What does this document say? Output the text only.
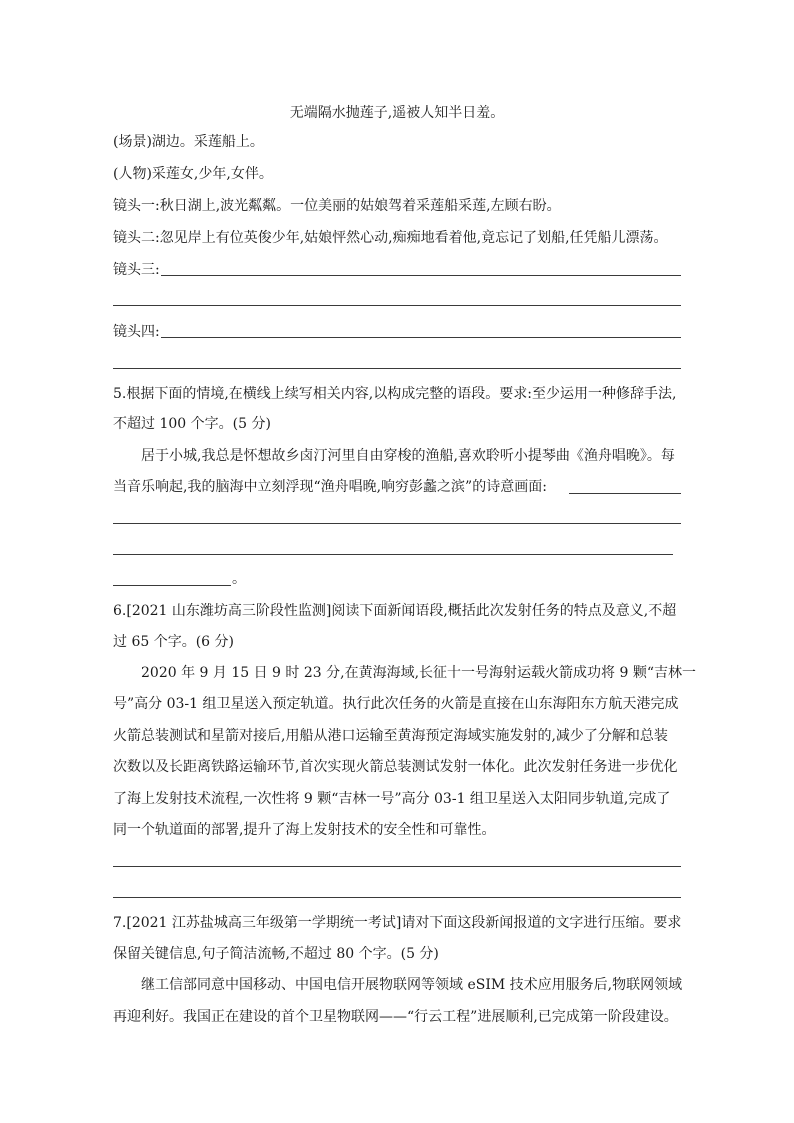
无端隔水抛莲子,遥被人知半日羞。
(场景)湖边。采莲船上。
(人物)采莲女,少年,女伴。
镜头一:秋日湖上,波光粼粼。一位美丽的姑娘驾着采莲船采莲,左顾右盼。
镜头二:忽见岸上有位英俊少年,姑娘怦然心动,痴痴地看着他,竟忘记了划船,任凭船儿漂荡。
镜头三:
镜头四:
5.根据下面的情境,在横线上续写相关内容,以构成完整的语段。要求:至少运用一种修辞手法,
不超过 100 个字。(5 分)
居于小城,我总是怀想故乡卤汀河里自由穿梭的渔船,喜欢聆听小提琴曲《渔舟唱晚》。每
当音乐响起,我的脑海中立刻浮现“渔舟唱晚,响穷彭蠡之滨”的诗意画面:
。
6.[2021 山东潍坊高三阶段性监测]阅读下面新闻语段,概括此次发射任务的特点及意义,不超
过 65 个字。(6 分)
2020 年 9 月 15 日 9 时 23 分,在黄海海域,长征十一号海射运载火箭成功将 9 颗“吉林一
号”高分 03-1 组卫星送入预定轨道。执行此次任务的火箭是直接在山东海阳东方航天港完成
火箭总装测试和星箭对接后,用船从港口运输至黄海预定海域实施发射的,减少了分解和总装
次数以及长距离铁路运输环节,首次实现火箭总装测试发射一体化。此次发射任务进一步优化
了海上发射技术流程,一次性将 9 颗“吉林一号”高分 03-1 组卫星送入太阳同步轨道,完成了
同一个轨道面的部署,提升了海上发射技术的安全性和可靠性。
7.[2021 江苏盐城高三年级第一学期统一考试]请对下面这段新闻报道的文字进行压缩。要求
保留关键信息,句子简洁流畅,不超过 80 个字。(5 分)
继工信部同意中国移动、中国电信开展物联网等领域 eSIM 技术应用服务后,物联网领域
再迎利好。我国正在建设的首个卫星物联网——“行云工程”进展顺利,已完成第一阶段建设。
